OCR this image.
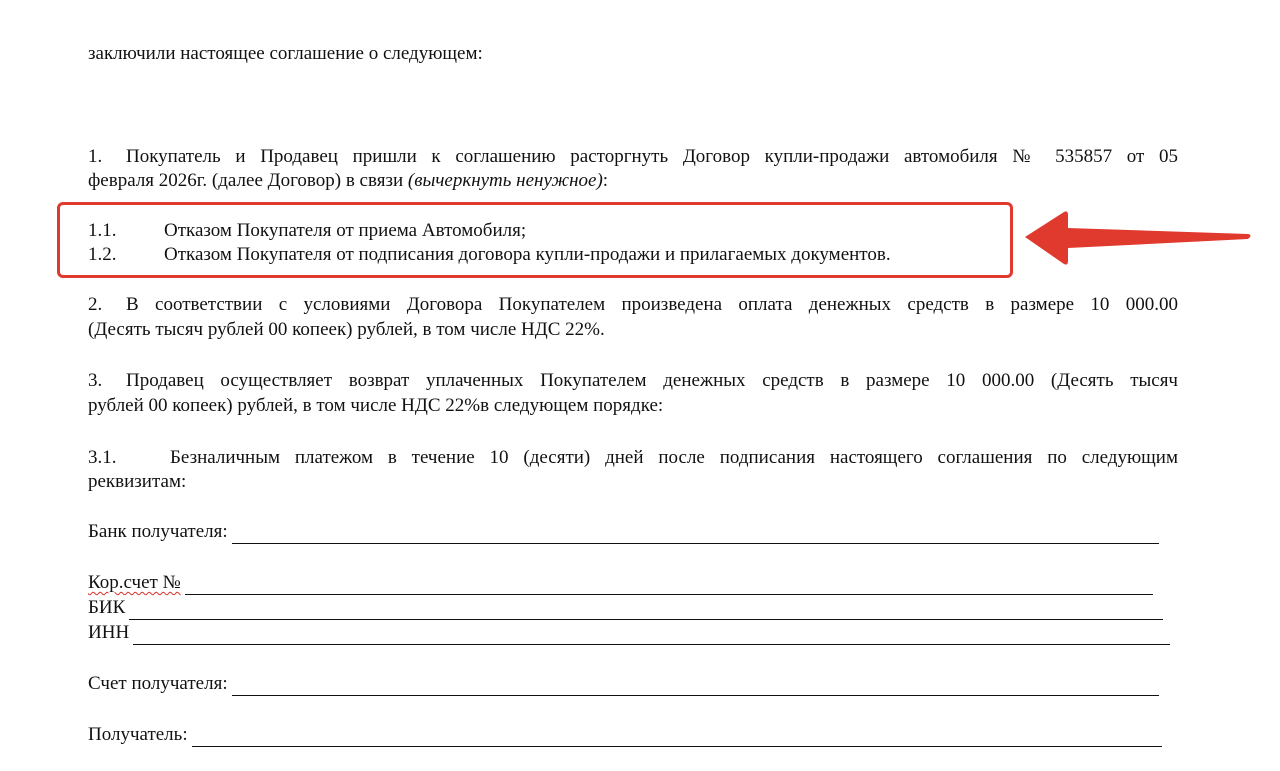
заключили настоящее соглашение о следующем:
1. Покупатель и Продавец пришли к соглашению расторгнуть Договор купли-продажи автомобиля № 535857 от 05
февраля 2026г. (далее Договор) в связи (вычеркнуть ненужное):
1.1.	Отказом Покупателя от приема Автомобиля;
1.2.	Отказом Покупателя от подписания договора купли-продажи и прилагаемых документов.
2. В соответствии с условиями Договора Покупателем произведена оплата денежных средств в размере 10 000.00
(Десять тысяч рублей 00 копеек) рублей, в том числе НДС 22%.
3. Продавец осуществляет возврат уплаченных Покупателем денежных средств в размере 10 000.00 (Десять тысяч
рублей 00 копеек) рублей, в том числе НДС 22%в следующем порядке:
3.1.	Безналичным платежом в течение 10 (десяти) дней после подписания настоящего соглашения по следующим
реквизитам:
Банк получателя:
Кор.счет №
БИК
ИНН
Счет получателя:
Получатель:
